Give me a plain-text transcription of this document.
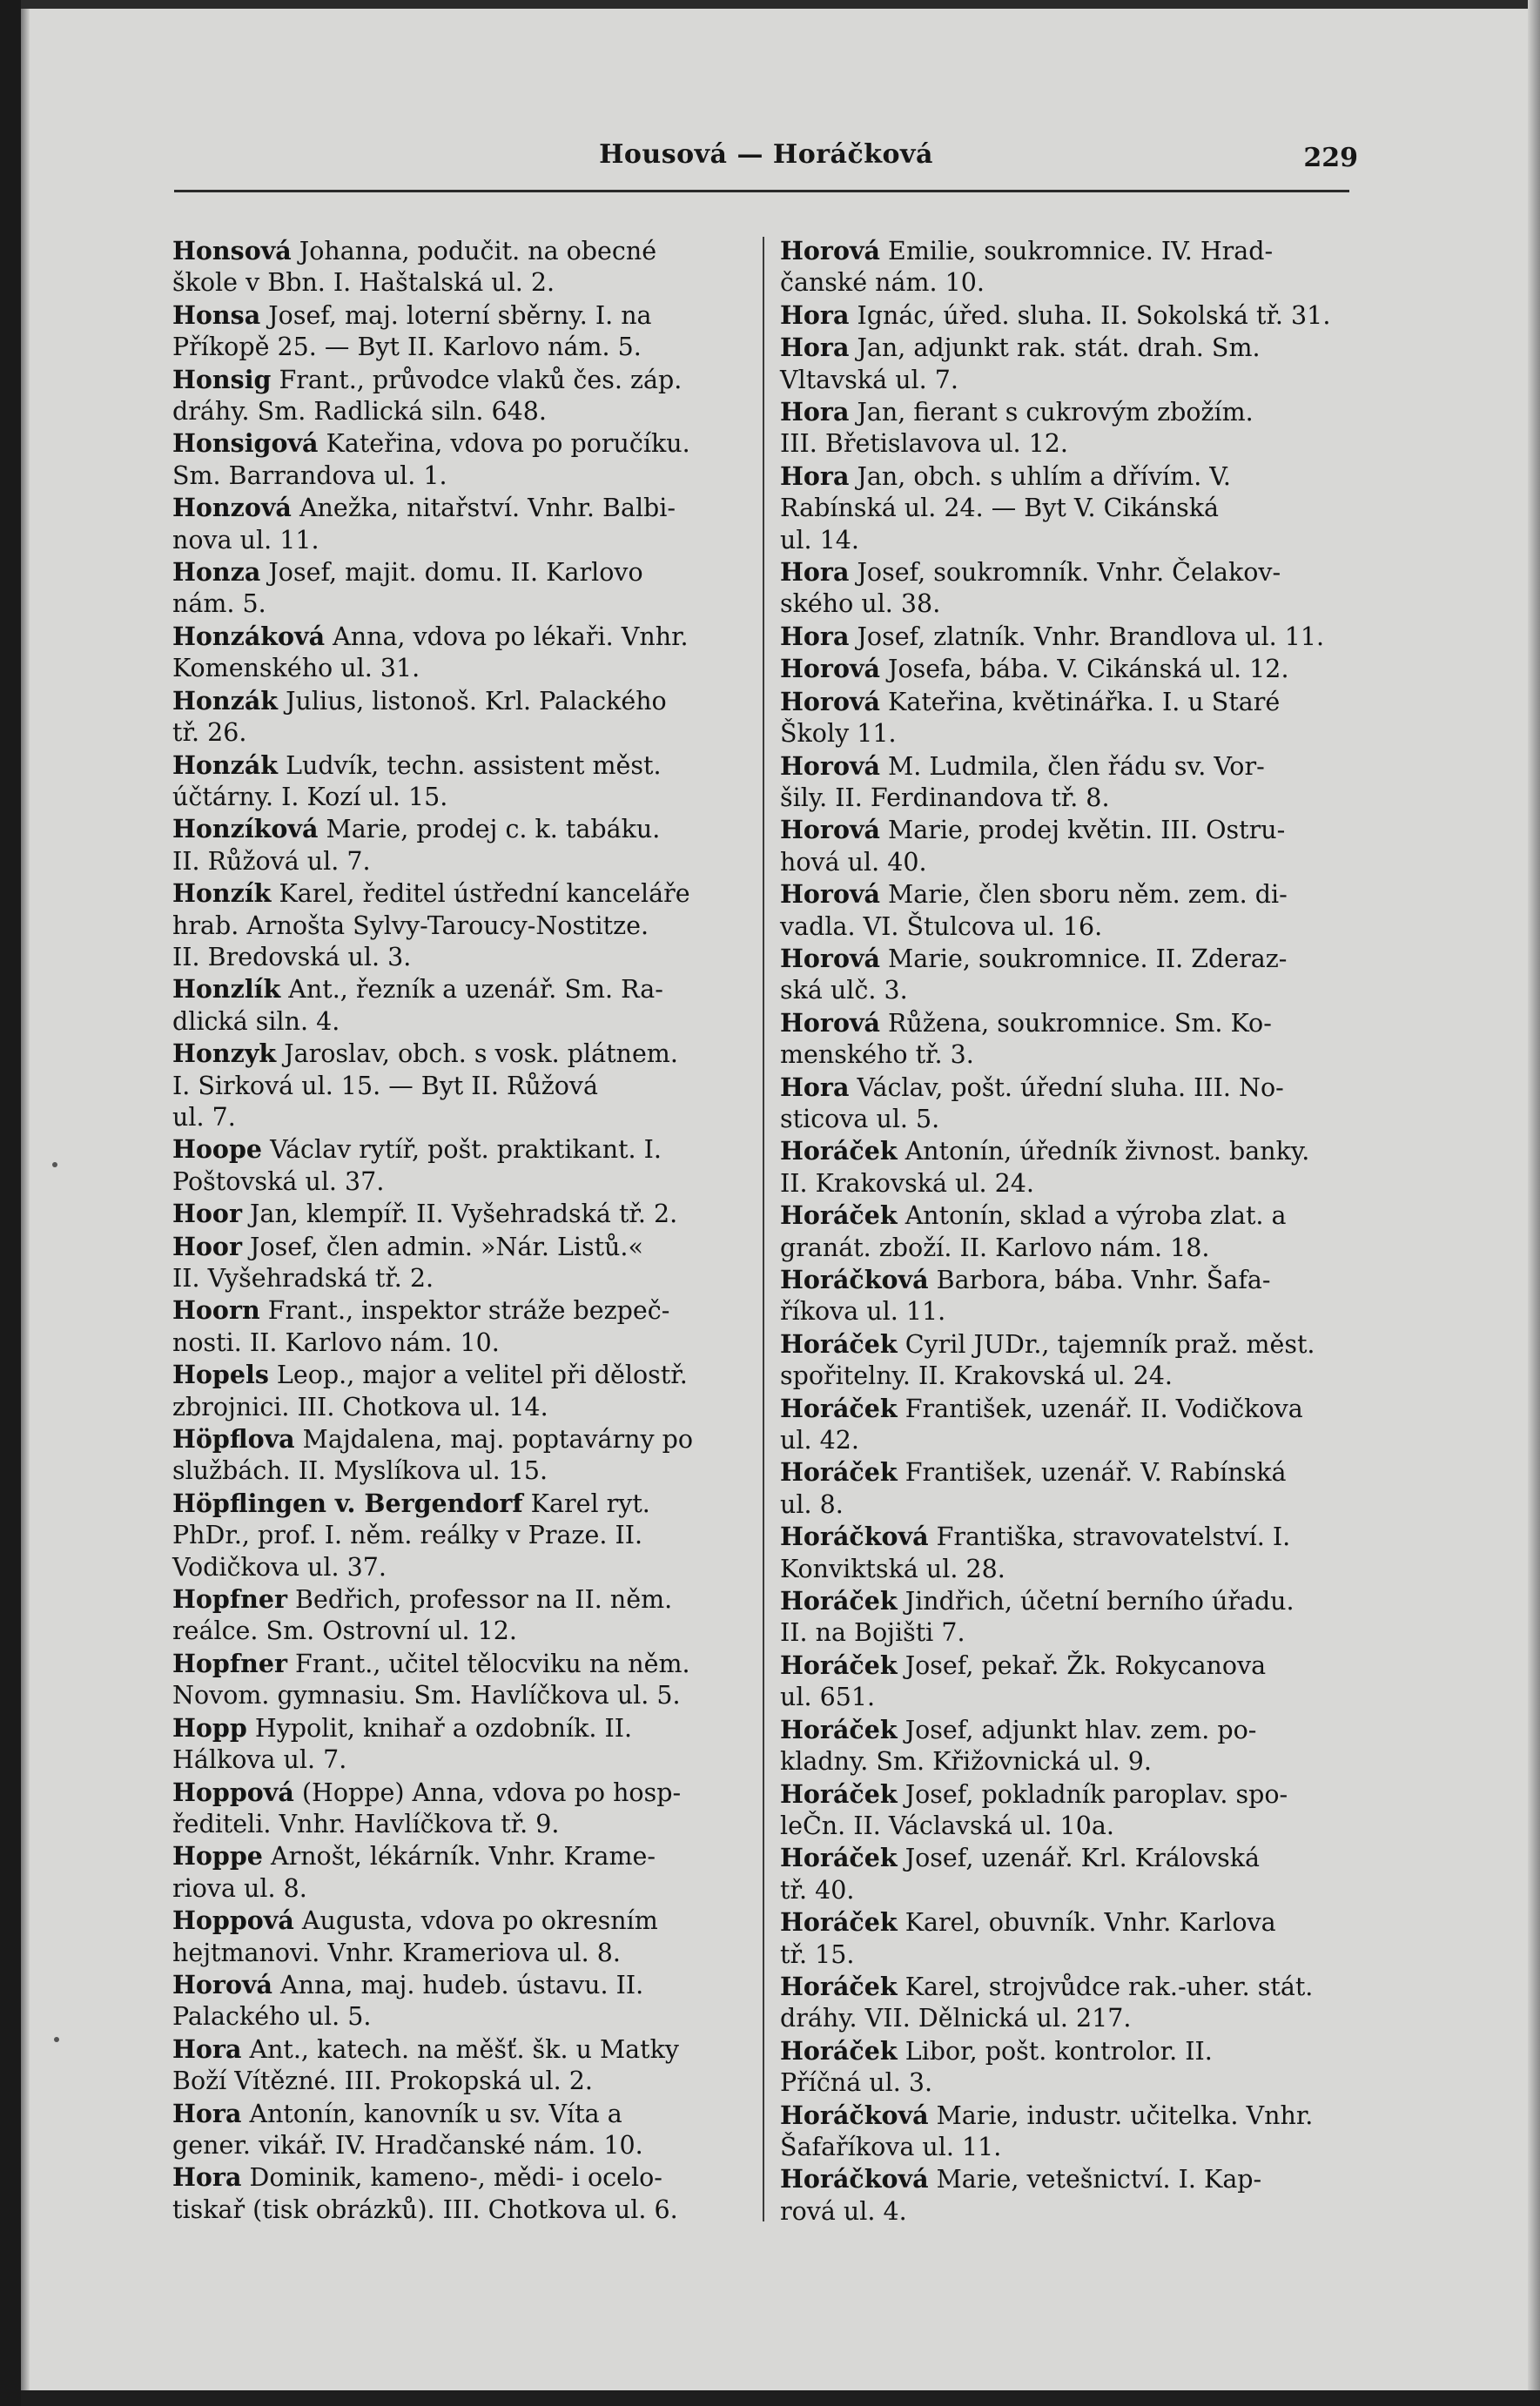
Housová — Horáčková	229

Honsová Johanna, podučit. na obecné
škole v Bbn. I. Haštalská ul. 2.

Honsa Josef, maj. loterní sběrny. I. na
Příkopě 25. — Byt II. Karlovo nám. 5.

Honsig Frant., průvodce vlaků čes. záp.
dráhy. Sm. Radlická siln. 648.

Honsigová Kateřina, vdova po poručíku.
Sm. Barrandova ul. 1.

Honzová Anežka, nitařství. Vnhr. Balbi-
nova ul. 11.

Honza Josef, majit. domu. II. Karlovo
nám. 5.

Honzáková Anna, vdova po lékaři. Vnhr.
Komenského ul. 31.

Honzák Julius, listonoš. Krl. Palackého
tř. 26.

Honzák Ludvík, techn. assistent měst.
účtárny. I. Kozí ul. 15.

Honzíková Marie, prodej c. k. tabáku.
II. Růžová ul. 7.

Honzík Karel, ředitel ústřední kanceláře
hrab. Arnošta Sylvy-Taroucy-Nostitze.
II. Bredovská ul. 3.

Honzlík Ant., řezník a uzenář. Sm. Ra-
dlická siln. 4.

Honzyk Jaroslav, obch. s vosk. plátnem.
I. Sirková ul. 15. — Byt II. Růžová
ul. 7.

Hoope Václav rytíř, pošt. praktikant. I.
Poštovská ul. 37.

Hoor Jan, klempíř. II. Vyšehradská tř. 2.

Hoor Josef, člen admin. »Nár. Listů.«
II. Vyšehradská tř. 2.

Hoorn Frant., inspektor stráže bezpeč-
nosti. II. Karlovo nám. 10.

Hopels Leop., major a velitel při dělostř.
zbrojnici. III. Chotkova ul. 14.

Höpflova Majdalena, maj. poptavárny po
službách. II. Myslíkova ul. 15.

Höpflingen v. Bergendorf Karel ryt.
PhDr., prof. I. něm. reálky v Praze. II.
Vodičkova ul. 37.

Hopfner Bedřich, professor na II. něm.
reálce. Sm. Ostrovní ul. 12.

Hopfner Frant., učitel tělocviku na něm.
Novom. gymnasiu. Sm. Havlíčkova ul. 5.

Hopp Hypolit, knihař a ozdobník. II.
Hálkova ul. 7.

Hoppová (Hoppe) Anna, vdova po hosp-
řediteli. Vnhr. Havlíčkova tř. 9.

Hoppe Arnošt, lékárník. Vnhr. Krame-
riova ul. 8.

Hoppová Augusta, vdova po okresním
hejtmanovi. Vnhr. Krameriova ul. 8.

Horová Anna, maj. hudeb. ústavu. II.
Palackého ul. 5.

Hora Ant., katech. na měšť. šk. u Matky
Boží Vítězné. III. Prokopská ul. 2.

Hora Antonín, kanovník u sv. Víta a
gener. vikář. IV. Hradčanské nám. 10.

Hora Dominik, kameno-, mědi- i ocelo-
tiskař (tisk obrázků). III. Chotkova ul. 6.

Horová Emilie, soukromnice. IV. Hrad-
čanské nám. 10.

Hora Ignác, úřed. sluha. II. Sokolská tř. 31.

Hora Jan, adjunkt rak. stát. drah. Sm.
Vltavská ul. 7.

Hora Jan, fierant s cukrovým zbožím.
III. Břetislavova ul. 12.

Hora Jan, obch. s uhlím a dřívím. V.
Rabínská ul. 24. — Byt V. Cikánská
ul. 14.

Hora Josef, soukromník. Vnhr. Čelakov-
ského ul. 38.

Hora Josef, zlatník. Vnhr. Brandlova ul. 11.

Horová Josefa, bába. V. Cikánská ul. 12.

Horová Kateřina, květinářka. I. u Staré
Školy 11.

Horová M. Ludmila, člen řádu sv. Vor-
šily. II. Ferdinandova tř. 8.

Horová Marie, prodej květin. III. Ostru-
hová ul. 40.

Horová Marie, člen sboru něm. zem. di-
vadla. VI. Štulcova ul. 16.

Horová Marie, soukromnice. II. Zderaz-
ská ulč. 3.

Horová Růžena, soukromnice. Sm. Ko-
menského tř. 3.

Hora Václav, pošt. úřední sluha. III. No-
sticova ul. 5.

Horáček Antonín, úředník živnost. banky.
II. Krakovská ul. 24.

Horáček Antonín, sklad a výroba zlat. a
granát. zboží. II. Karlovo nám. 18.

Horáčková Barbora, bába. Vnhr. Šafa-
říkova ul. 11.

Horáček Cyril JUDr., tajemník praž. měst.
spořitelny. II. Krakovská ul. 24.

Horáček František, uzenář. II. Vodičkova
ul. 42.

Horáček František, uzenář. V. Rabínská
ul. 8.

Horáčková Františka, stravovatelství. I.
Konviktská ul. 28.

Horáček Jindřich, účetní berního úřadu.
II. na Bojišti 7.

Horáček Josef, pekař. Žk. Rokycanova
ul. 651.

Horáček Josef, adjunkt hlav. zem. po-
kladny. Sm. Křižovnická ul. 9.

Horáček Josef, pokladník paroplav. spo-
leČn. II. Václavská ul. 10a.

Horáček Josef, uzenář. Krl. Královská
tř. 40.

Horáček Karel, obuvník. Vnhr. Karlova
tř. 15.

Horáček Karel, strojvůdce rak.-uher. stát.
dráhy. VII. Dělnická ul. 217.

Horáček Libor, pošt. kontrolor. II.
Příčná ul. 3.

Horáčková Marie, industr. učitelka. Vnhr.
Šafaříkova ul. 11.

Horáčková Marie, vetešnictví. I. Kap-
rová ul. 4.
